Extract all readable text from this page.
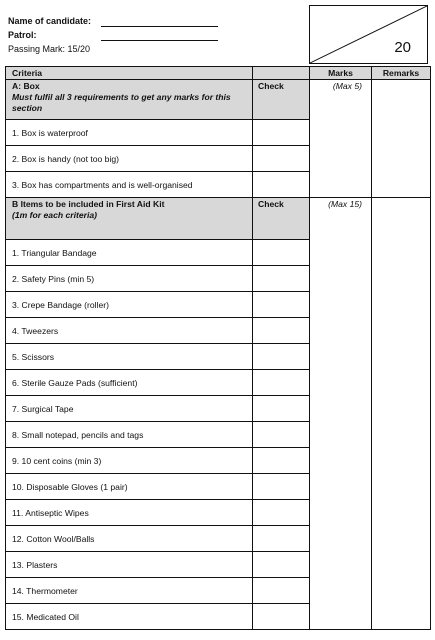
Name of candidate:
Patrol:
Passing Mark: 15/20	20
Criteria		Marks	Remarks
A: Box
Must fulfil all 3 requirements to get any marks for this section	Check	(Max 5)	
1. Box is waterproof			
2. Box is handy (not too big)			
3. Box has compartments and is well-organised			
B Items to be included in First Aid Kit
(1m for each criteria)	Check	(Max 15)	
1. Triangular Bandage			
2. Safety Pins (min 5)			
3. Crepe Bandage (roller)			
4. Tweezers			
5. Scissors			
6. Sterile Gauze Pads (sufficient)			
7. Surgical Tape			
8. Small notepad, pencils and tags			
9. 10 cent coins (min 3)			
10. Disposable Gloves (1 pair)			
11. Antiseptic Wipes			
12. Cotton Wool/Balls			
13. Plasters			
14. Thermometer			
15. Medicated Oil			
